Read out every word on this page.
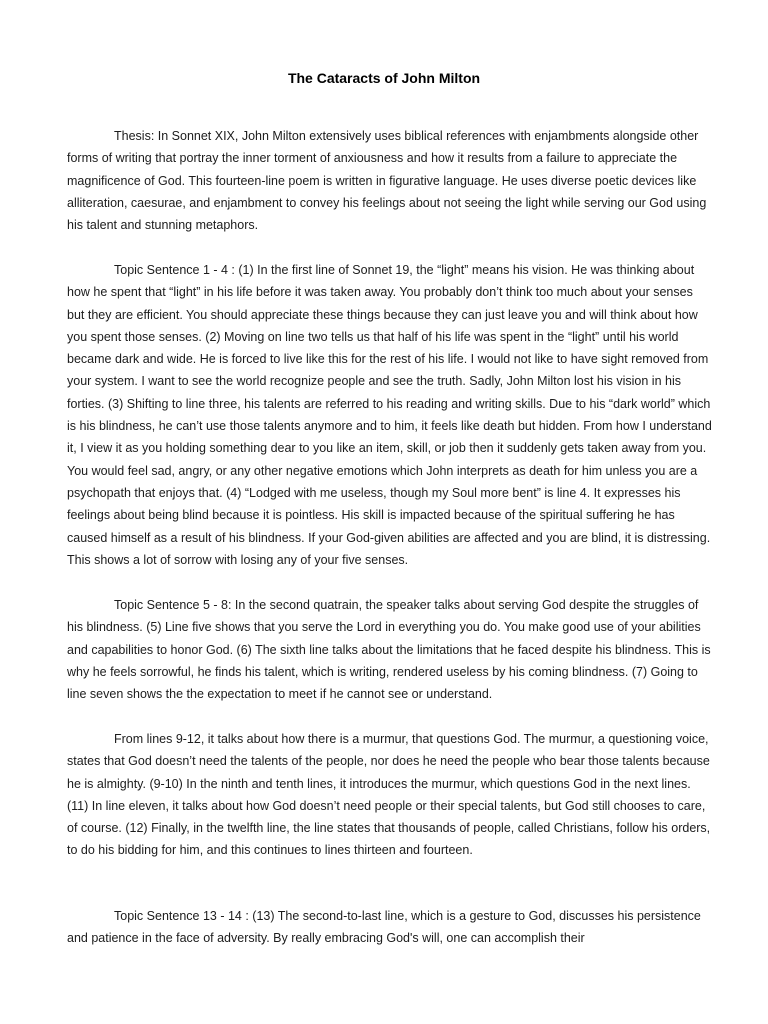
The Cataracts of John Milton

Thesis: In Sonnet XIX, John Milton extensively uses biblical references with enjambments alongside other forms of writing that portray the inner torment of anxiousness and how it results from a failure to appreciate the magnificence of God. This fourteen-line poem is written in figurative language. He uses diverse poetic devices like alliteration, caesurae, and enjambment to convey his feelings about not seeing the light while serving our God using his talent and stunning metaphors.

Topic Sentence 1 - 4 : (1) In the first line of Sonnet 19, the “light” means his vision. He was thinking about how he spent that “light” in his life before it was taken away. You probably don’t think too much about your senses but they are efficient. You should appreciate these things because they can just leave you and will think about how you spent those senses. (2) Moving on line two tells us that half of his life was spent in the “light” until his world became dark and wide. He is forced to live like this for the rest of his life. I would not like to have sight removed from your system. I want to see the world recognize people and see the truth. Sadly, John Milton lost his vision in his forties. (3) Shifting to line three, his talents are referred to his reading and writing skills. Due to his “dark world” which is his blindness, he can’t use those talents anymore and to him, it feels like death but hidden. From how I understand it, I view it as you holding something dear to you like an item, skill, or job then it suddenly gets taken away from you. You would feel sad, angry, or any other negative emotions which John interprets as death for him unless you are a psychopath that enjoys that. (4) “Lodged with me useless, though my Soul more bent” is line 4. It expresses his feelings about being blind because it is pointless. His skill is impacted because of the spiritual suffering he has caused himself as a result of his blindness. If your God-given abilities are affected and you are blind, it is distressing. This shows a lot of sorrow with losing any of your five senses.

Topic Sentence 5 - 8: In the second quatrain, the speaker talks about serving God despite the struggles of his blindness. (5) Line five shows that you serve the Lord in everything you do. You make good use of your abilities and capabilities to honor God. (6) The sixth line talks about the limitations that he faced despite his blindness. This is why he feels sorrowful, he finds his talent, which is writing, rendered useless by his coming blindness. (7) Going to line seven shows the the expectation to meet if he cannot see or understand.

From lines 9-12, it talks about how there is a murmur, that questions God. The murmur, a questioning voice, states that God doesn’t need the talents of the people, nor does he need the people who bear those talents because he is almighty. (9-10) In the ninth and tenth lines, it introduces the murmur, which questions God in the next lines. (11) In line eleven, it talks about how God doesn’t need people or their special talents, but God still chooses to care, of course. (12) Finally, in the twelfth line, the line states that thousands of people, called Christians, follow his orders, to do his bidding for him, and this continues to lines thirteen and fourteen.

Topic Sentence 13 - 14 : (13) The second-to-last line, which is a gesture to God, discusses his persistence and patience in the face of adversity. By really embracing God's will, one can accomplish their
